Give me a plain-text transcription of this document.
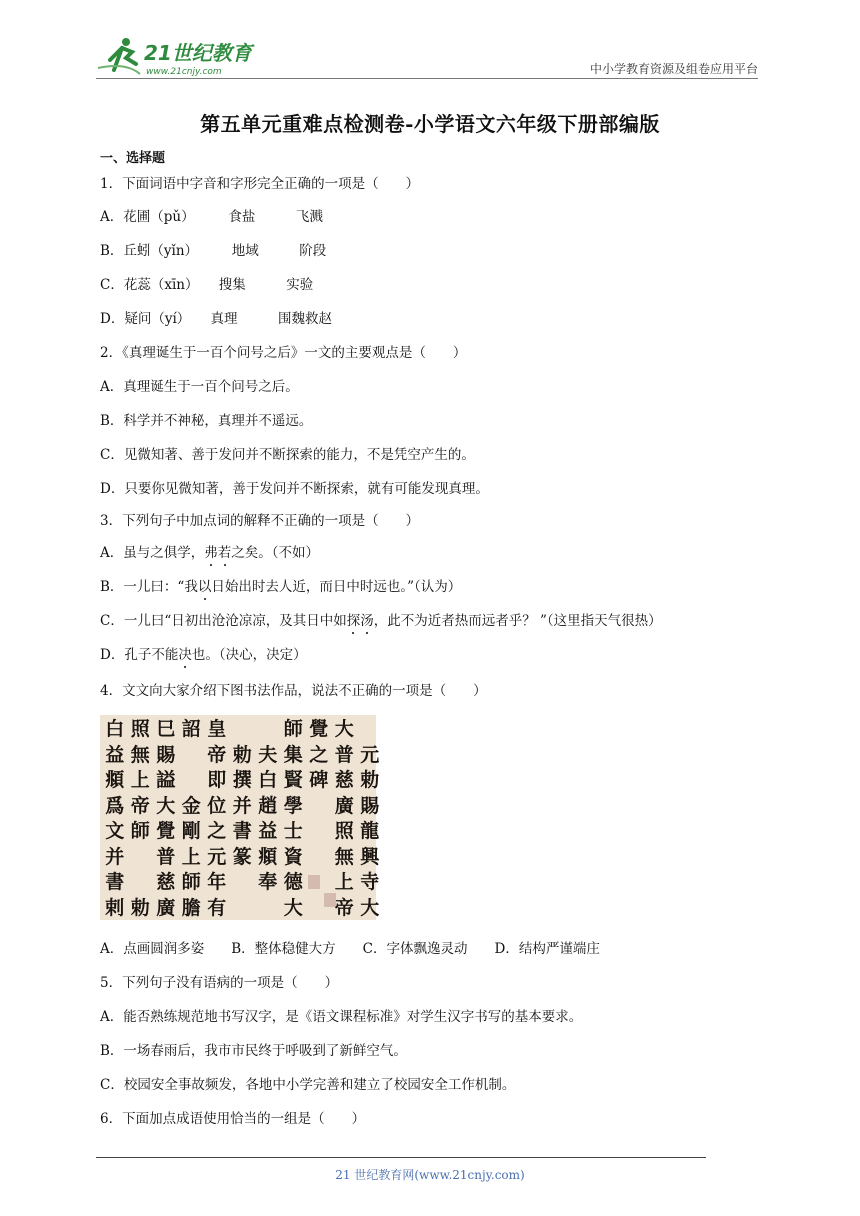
21世纪教育
www.21cnjy.com	中小学教育资源及组卷应用平台
第五单元重难点检测卷-小学语文六年级下册部编版
一、选择题
1．下面词语中字音和字形完全正确的一项是（　　）
A．花圃（pǔ）　　　食盐　　　飞溅
B．丘蚓（yǐn）　　　地域　　　阶段
C．花蕊（xīn）　　搜集　　　实验
D．疑问（yí）　　真理　　　围魏救赵
2．《真理诞生于一百个问号之后》一文的主要观点是（　　）
A．真理诞生于一百个问号之后。
B．科学并不神秘，真理并不遥远。
C．见微知著、善于发问并不断探索的能力，不是凭空产生的。
D．只要你见微知著，善于发问并不断探索，就有可能发现真理。
3．下列句子中加点词的解释不正确的一项是（　　）
A．虽与之俱学，弗若之矣。（不如）
B．一儿曰：“我以日始出时去人近，而日中时远也。”（认为）
C．一儿曰“日初出沧沧凉凉，及其日中如探汤，此不为近者热而远者乎？ ”（这里指天气很热）
D．孔子不能决也。（决心，决定）
4．文文向大家介绍下图书法作品，说法不正确的一项是（　　）
白 照 巳 詔 皇	師 覺 大
益 無 賜 帝 勅 夫 集 之 普 元
頫 上 謚 即 撰 白 賢 碑 慈 勅
爲 帝 大 金 位 并 趙 學 廣 賜
文 師 覺 剛 之 書 益 士 照 龍
并 普 上 元 篆 頫 資 無 興
書 慈 師 年 奉 德 上 寺
剌 勅 廣 膽 有	大 帝 大
A．点画圆润多姿　　B．整体稳健大方　　C．字体飘逸灵动　　D．结构严谨端庄
5．下列句子没有语病的一项是（　　）
A．能否熟练规范地书写汉字，是《语文课程标准》对学生汉字书写的基本要求。
B．一场春雨后，我市市民终于呼吸到了新鲜空气。
C．校园安全事故频发，各地中小学完善和建立了校园安全工作机制。
6．下面加点成语使用恰当的一组是（　　）
21 世纪教育网(www.21cnjy.com)
